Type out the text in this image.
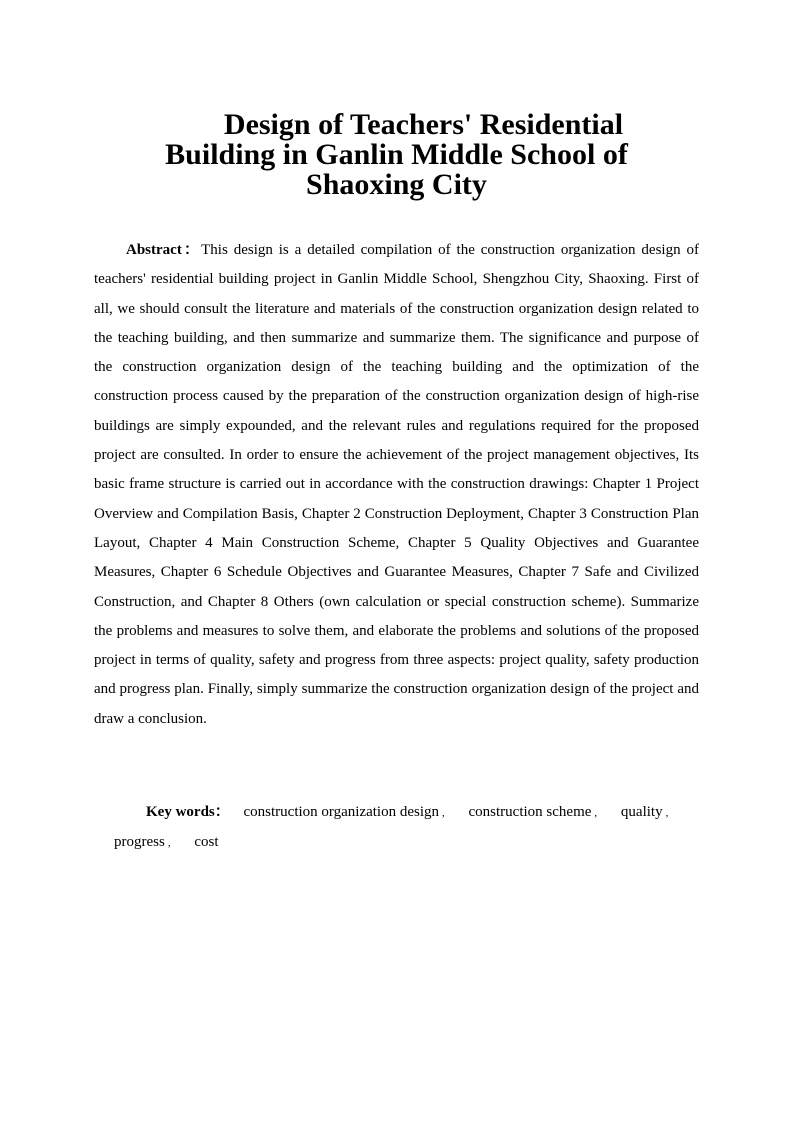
Design of Teachers' Residential
Building in Ganlin Middle School of
Shaoxing City

Abstract：This design is a detailed compilation of the construction organization design of teachers' residential building project in Ganlin Middle School, Shengzhou City, Shaoxing. First of all, we should consult the literature and materials of the construction organization design related to the teaching building, and then summarize and summarize them. The significance and purpose of the construction organization design of the teaching building and the optimization of the construction process caused by the preparation of the construction organization design of high-rise buildings are simply expounded, and the relevant rules and regulations required for the proposed project are consulted. In order to ensure the achievement of the project management objectives, Its basic frame structure is carried out in accordance with the construction drawings: Chapter 1 Project Overview and Compilation Basis, Chapter 2 Construction Deployment, Chapter 3 Construction Plan Layout, Chapter 4 Main Construction Scheme, Chapter 5 Quality Objectives and Guarantee Measures, Chapter 6 Schedule Objectives and Guarantee Measures, Chapter 7 Safe and Civilized Construction, and Chapter 8 Others (own calculation or special construction scheme). Summarize the problems and measures to solve them, and elaborate the problems and solutions of the proposed project in terms of quality, safety and progress from three aspects: project quality, safety production and progress plan. Finally, simply summarize the construction organization design of the project and draw a conclusion.

Key words： construction organization design , construction scheme , quality , progress , cost
